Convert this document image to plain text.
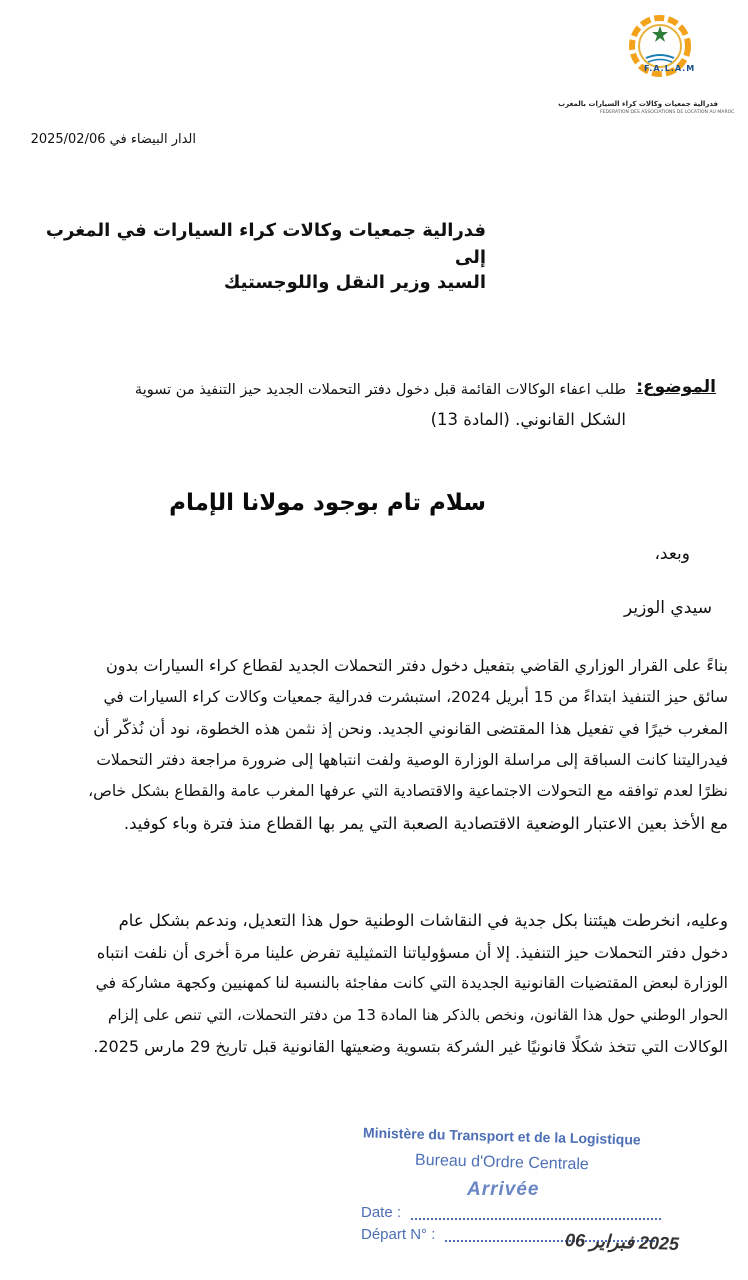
F.A.L.A.M
فدرالية جمعيات وكالات كراء السيارات بالمغرب
FEDERATION DES ASSOCIATIONS DE LOCATION AU MAROC
الدار البيضاء في 2025/02/06
فدرالية جمعيات وكالات كراء السيارات في المغرب
إلى
السيد وزير النقل واللوجستيك
الموضوع:
طلب اعفاء الوكالات القائمة قبل دخول دفتر التحملات الجديد حيز التنفيذ من تسوية
الشكل القانوني. (المادة 13)
سلام تام بوجود مولانا الإمام
وبعد،
سيدي الوزير
بناءً على القرار الوزاري القاضي بتفعيل دخول دفتر التحملات الجديد لقطاع كراء السيارات بدون
سائق حيز التنفيذ ابتداءً من 15 أبريل 2024، استبشرت فدرالية جمعيات وكالات كراء السيارات في
المغرب خيرًا في تفعيل هذا المقتضى القانوني الجديد. ونحن إذ نثمن هذه الخطوة، نود أن نُذكّر أن
فيدراليتنا كانت السباقة إلى مراسلة الوزارة الوصية ولفت انتباهها إلى ضرورة مراجعة دفتر التحملات
نظرًا لعدم توافقه مع التحولات الاجتماعية والاقتصادية التي عرفها المغرب عامة والقطاع بشكل خاص،
مع الأخذ بعين الاعتبار الوضعية الاقتصادية الصعبة التي يمر بها القطاع منذ فترة وباء كوفيد.
وعليه، انخرطت هيئتنا بكل جدية في النقاشات الوطنية حول هذا التعديل، وندعم بشكل عام
دخول دفتر التحملات حيز التنفيذ. إلا أن مسؤولياتنا التمثيلية تفرض علينا مرة أخرى أن نلفت انتباه
الوزارة لبعض المقتضيات القانونية الجديدة التي كانت مفاجئة بالنسبة لنا كمهنيين وكجهة مشاركة في
الحوار الوطني حول هذا القانون، ونخص بالذكر هنا المادة 13 من دفتر التحملات، التي تنص على إلزام
الوكالات التي تتخذ شكلًا قانونيًا غير الشركة بتسوية وضعيتها القانونية قبل تاريخ 29 مارس 2025.
Ministère du Transport et de la Logistique
Bureau d'Ordre Centrale
Arrivée
Date :
Départ N° :	2025 فبراير 06
